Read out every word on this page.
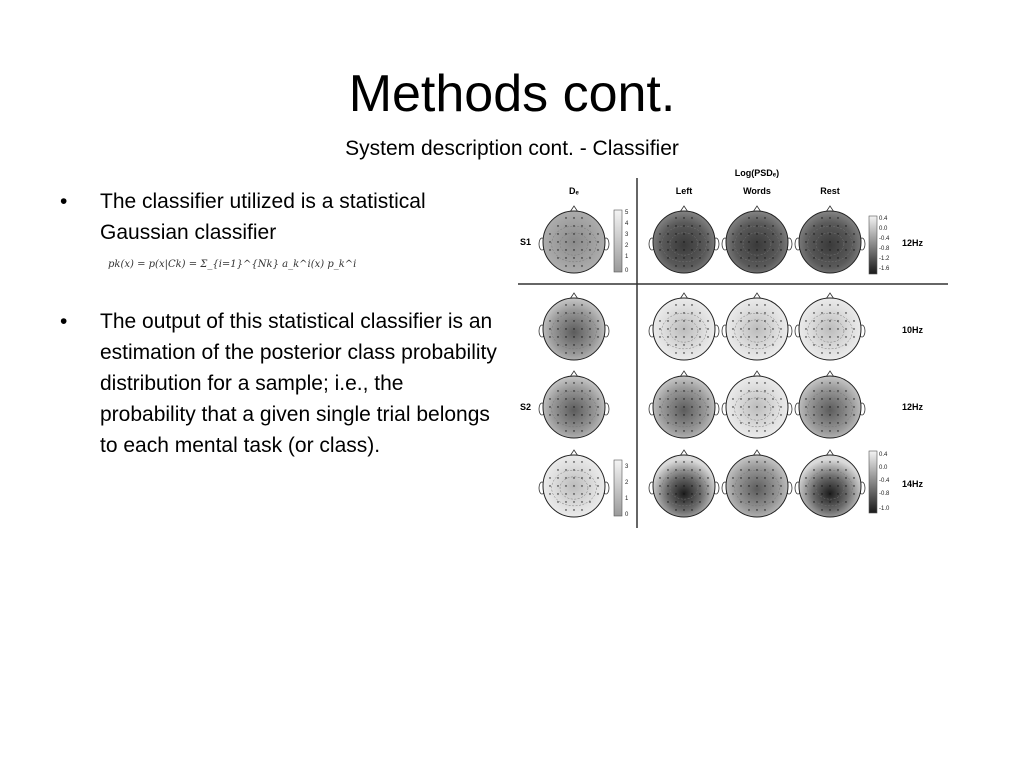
Methods cont.
System description cont. - Classifier
• The classifier utilized is a statistical Gaussian classifier pk(x) = p(x|Ck) = Σ_{i=1}^{Nk} a_k^i(x) p_k^i
• The output of this statistical classifier is an estimation of the posterior class probability distribution for a sample; i.e., the probability that a given single trial belongs to each mental task (or class).
Log(PSDₑ)
Dₑ	Left	Words	Rest
S1
S2
12Hz
10Hz
12Hz
14Hz
5
4
3
2
1
0
0.4
0.0
-0.4
-0.8
-1.2
-1.6
3
2
1
0
0.4
0.0
-0.4
-0.8
-1.0
